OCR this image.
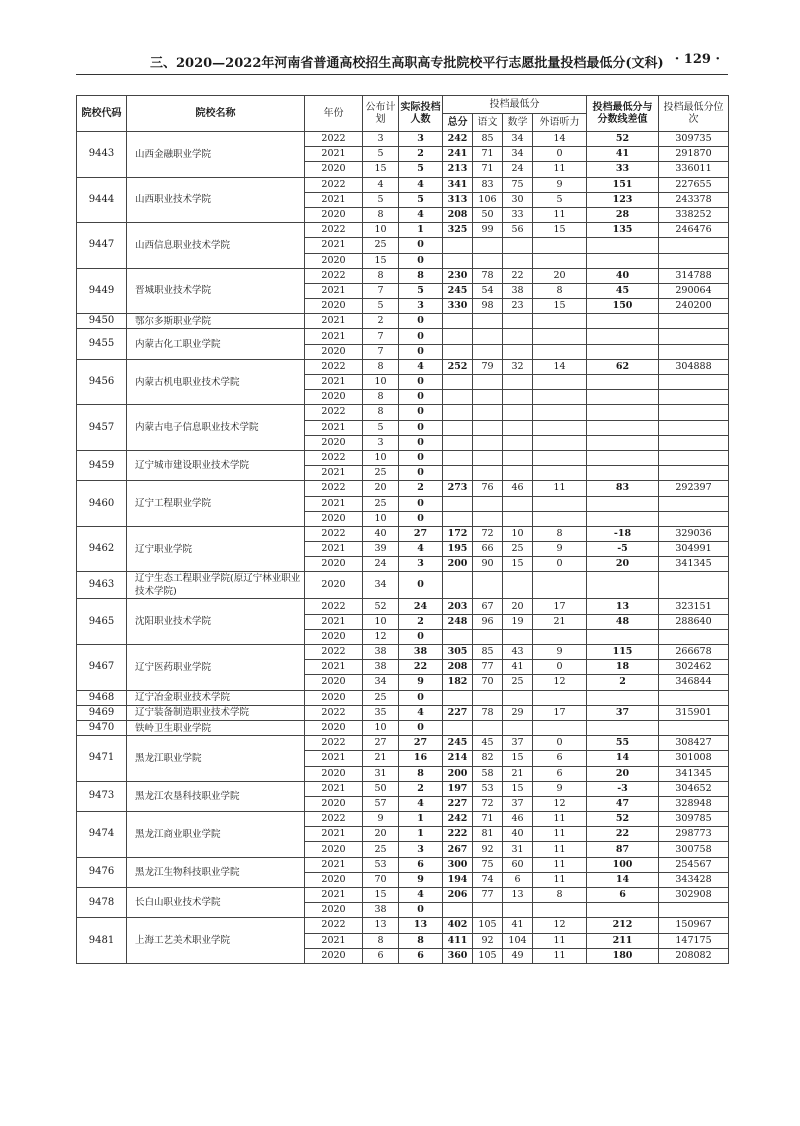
三、2020—2022年河南省普通高校招生高职高专批院校平行志愿批量投档最低分(文科) · 129 ·
院校代码	院校名称	年份	公布计划	实际投档人数	投档最低分				投档最低分与分数线差值	投档最低分位次
					总分	语文	数学	外语听力		
9443	山西金融职业学院	2022	3	3	242	85	34	14	52	309735
		2021	5	2	241	71	34	0	41	291870
		2020	15	5	213	71	24	11	33	336011
9444	山西职业技术学院	2022	4	4	341	83	75	9	151	227655
		2021	5	5	313	106	30	5	123	243378
		2020	8	4	208	50	33	11	28	338252
9447	山西信息职业技术学院	2022	10	1	325	99	56	15	135	246476
		2021	25	0						
		2020	15	0						
9449	晋城职业技术学院	2022	8	8	230	78	22	20	40	314788
		2021	7	5	245	54	38	8	45	290064
		2020	5	3	330	98	23	15	150	240200
9450	鄂尔多斯职业学院	2021	2	0						
9455	内蒙古化工职业学院	2021	7	0						
		2020	7	0						
9456	内蒙古机电职业技术学院	2022	8	4	252	79	32	14	62	304888
		2021	10	0						
		2020	8	0						
9457	内蒙古电子信息职业技术学院	2022	8	0						
		2021	5	0						
		2020	3	0						
9459	辽宁城市建设职业技术学院	2022	10	0						
		2021	25	0						
9460	辽宁工程职业学院	2022	20	2	273	76	46	11	83	292397
		2021	25	0						
		2020	10	0						
9462	辽宁职业学院	2022	40	27	172	72	10	8	-18	329036
		2021	39	4	195	66	25	9	-5	304991
		2020	24	3	200	90	15	0	20	341345
9463	辽宁生态工程职业学院(原辽宁林业职业技术学院)	2020	34	0						
9465	沈阳职业技术学院	2022	52	24	203	67	20	17	13	323151
		2021	10	2	248	96	19	21	48	288640
		2020	12	0						
9467	辽宁医药职业学院	2022	38	38	305	85	43	9	115	266678
		2021	38	22	208	77	41	0	18	302462
		2020	34	9	182	70	25	12	2	346844
9468	辽宁冶金职业技术学院	2020	25	0						
9469	辽宁装备制造职业技术学院	2022	35	4	227	78	29	17	37	315901
9470	铁岭卫生职业学院	2020	10	0						
9471	黑龙江职业学院	2022	27	27	245	45	37	0	55	308427
		2021	21	16	214	82	15	6	14	301008
		2020	31	8	200	58	21	6	20	341345
9473	黑龙江农垦科技职业学院	2021	50	2	197	53	15	9	-3	304652
		2020	57	4	227	72	37	12	47	328948
9474	黑龙江商业职业学院	2022	9	1	242	71	46	11	52	309785
		2021	20	1	222	81	40	11	22	298773
		2020	25	3	267	92	31	11	87	300758
9476	黑龙江生物科技职业学院	2021	53	6	300	75	60	11	100	254567
		2020	70	9	194	74	6	11	14	343428
9478	长白山职业技术学院	2021	15	4	206	77	13	8	6	302908
		2020	38	0						
9481	上海工艺美术职业学院	2022	13	13	402	105	41	12	212	150967
		2021	8	8	411	92	104	11	211	147175
		2020	6	6	360	105	49	11	180	208082
